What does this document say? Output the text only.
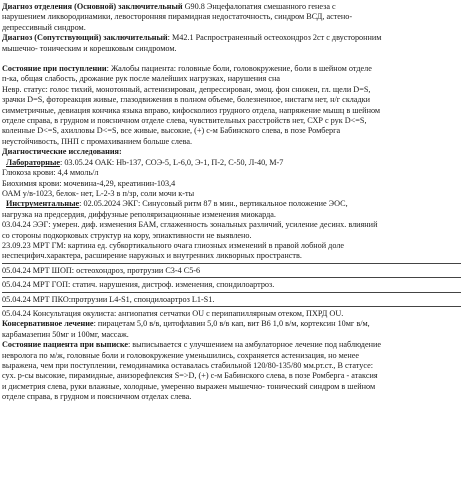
Диагноз отделения (Основной) заключительный G90.8 Энцефалопатия смешанного генеза с

нарушением ликвородинамики, левосторонняя пирамидная недостаточность, синдром ВСД, астено-

депрессивный синдром.

Диагноз (Сопутствующий) заключительный: M42.1 Распространенный остеохондроз 2ст с двусторонним

мышечно- тоническим и корешковым синдромом.

Состояние при поступлении: Жалобы пациента: головные боли, головокружение, боли в шейном отделе

п-ка, общая слабость, дрожание рук после малейших нагрузках, нарушения сна

Невр. статус: голос тихий, монотонный, астенизирован, депрессирован, эмоц. фон снижен, гл. щели D=S,

зрачки D=S, фотореакция живые, глазодвижения в полном объеме, болезненное, нистагм нет, н/г складки

симметричные, девиация кончика языка вправо, кифосколиоз грудного отдела, напряжение мышц в шейном

отделе справа, в грудном и поясничном отделе слева, чувствительных расстройств нет, СХР с рук D<=S,

коленные D<=S, ахилловы D<=S, все живые, высокие, (+) с-м Бабинского слева, в позе Ромберга

неустойчивость, ПНП с промахиванием больше слева.

Диагностические исследования:

Лабораторные: 03.05.24 ОАК: Hb-137, СОЭ-5, L-6,0, Э-1, П-2, С-50, Л-40, М-7

Глюкоза крови: 4,4 ммоль/л

Биохимия крови: мочевина-4,29, креатинин-103,4

ОАМ у/в-1023, белок- нет, L-2-3 в п/зр, соли мочи к-ты

Инструментальные: 02.05.2024 ЭКГ: Синусовый ритм 87 в мин., вертикальное положение ЭОС,

нагрузка на предсердия, диффузные реполяризационные изменения миокарда.

03.04.24 ЭЭГ: умерен. диф. изменения БАМ, сглаженность зональных различий, усиление десинх. влияний

со стороны подкорковых структур на кору, эпиактивности не выявлено.

23.09.23 МРТ ГМ: картина ед. субкортикального очага глиозных изменений в правой лобной доле

неспецифич.характера, расширение наружных и внутренних ликворных пространств.

05.04.24 МРТ ШОП: остеохондроз, протрузии С3-4 С5-6

05.04.24 МРТ ГОП: статич. нарушения, дистроф. изменения, спондилоартроз.

05.04.24 МРТ ПКО:протрузии L4-S1, спондилоартроз L1-S1.

05.04.24 Консультация окулиста: ангиопатия сетчатки OU с перипапиллярным отеком, ПХРД OU.

Консервативное лечение: пирацетам 5,0 в/в, цитофлавин 5,0 в/в кап, вит В6 1,0 в/м, кортексин 10мг в/м,

карбамазепин 50мг и 100мг, массаж.

Состояние пациента при выписке: выписывается с улучшением на амбулаторное лечение под наблюдение

невролога по м/ж, головные боли и головокружение уменьшились, сохраняется астенизация, но менее

выражена, чем при поступлении, гемодинамика оставалась стабильной 120/80-135/80 мм.рт.ст., В статусе:

сух. р-сы высокие, пирамидные, анизорефлексия S=>D, (+) с-м Бабинского слева, в позе Ромберга - атаксия

и дисметрия слева, руки влажные, холодные, умеренно выражен мышечно- тонический синдром в шейном

отделе справа, в грудном и поясничном отделах слева.
